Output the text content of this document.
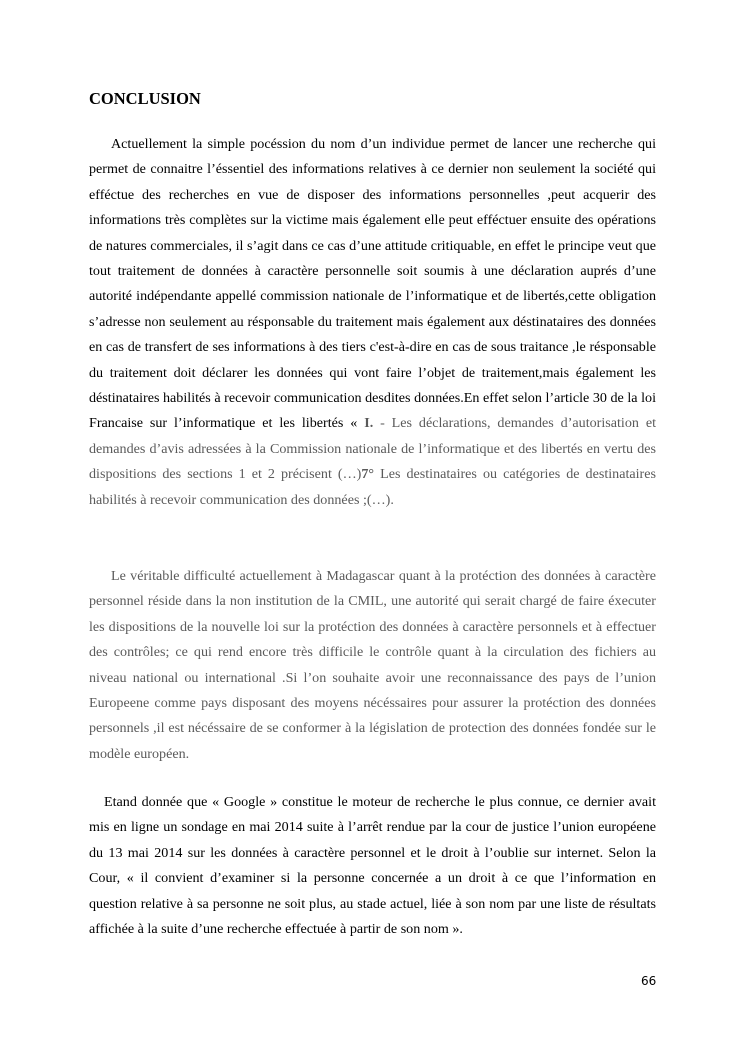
CONCLUSION

Actuellement la simple pocéssion du nom d’un individue permet de lancer une recherche qui permet de connaitre l’éssentiel des informations relatives à ce dernier non seulement la société qui efféctue des recherches en vue de disposer des informations personnelles ,peut acquerir des informations très complètes sur la victime mais également elle peut efféctuer ensuite des opérations de natures commerciales, il s’agit dans ce cas d’une attitude critiquable, en effet le principe veut que tout traitement de données à caractère personnelle soit soumis à une déclaration auprés d’une autorité indépendante appellé commission nationale de l’informatique et de libertés,cette obligation s’adresse non seulement au résponsable du traitement mais également aux déstinataires des données en cas de transfert de ses informations à des tiers c'est-à-dire en cas de sous traitance ,le résponsable du traitement doit déclarer les données qui vont faire l’objet de traitement,mais également les déstinataires habilités à recevoir communication desdites données.En effet selon l’article 30 de la loi Francaise sur l’informatique et les libertés « I. - Les déclarations, demandes d’autorisation et demandes d’avis adressées à la Commission nationale de l’informatique et des libertés en vertu des dispositions des sections 1 et 2 précisent (…)7° Les destinataires ou catégories de destinataires habilités à recevoir communication des données ;(…).

Le véritable difficulté actuellement à Madagascar quant à la protéction des données à caractère personnel réside dans la non institution de la CMIL, une autorité qui serait chargé de faire éxecuter les dispositions de la nouvelle loi sur la protéction des données à caractère personnels et à effectuer des contrôles; ce qui rend encore très difficile le contrôle quant à la circulation des fichiers au niveau national ou international .Si l’on souhaite avoir une reconnaissance des pays de l’union Europeene comme pays disposant des moyens nécéssaires pour assurer la protéction des données personnels ,il est nécéssaire de se conformer à la législation de protection des données fondée sur le modèle européen.

Etand donnée que « Google » constitue le moteur de recherche le plus connue, ce dernier avait mis en ligne un sondage en mai 2014 suite à l’arrêt rendue par la cour de justice l’union européene du 13 mai 2014 sur les données à caractère personnel et le droit à l’oublie sur internet. Selon la Cour, « il convient d’examiner si la personne concernée a un droit à ce que l’information en question relative à sa personne ne soit plus, au stade actuel, liée à son nom par une liste de résultats affichée à la suite d’une recherche effectuée à partir de son nom ».

66
